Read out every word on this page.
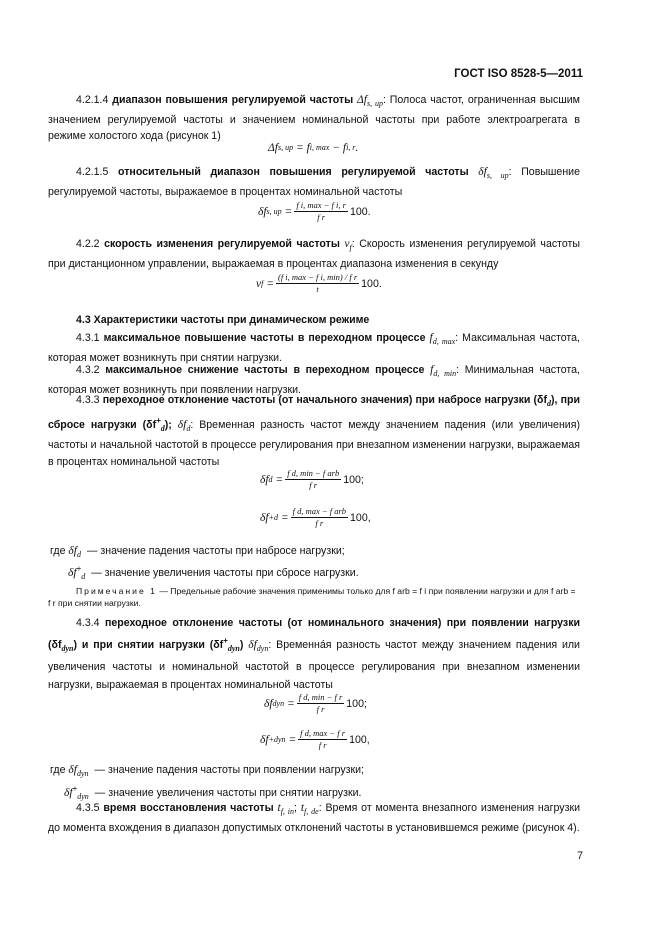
ГОСТ ISO 8528-5—2011
4.2.1.4 диапазон повышения регулируемой частоты $\Delta f_{s, up}$: Полоса частот, ограниченная высшим значением регулируемой частоты и значением номинальной частоты при работе электроагрегата в режиме холостого хода (рисунок 1)
Δf s, up
=
f i, max
−
f i, r .
4.2.1.5 относительный диапазон повышения регулируемой частоты $\delta f_{s, up}$: Повышение регулируемой частоты, выражаемое в процентах номинальной частоты
δf s, up
= $\frac{\text{f i, max − f i, r}}{\text{f r}} 100$.
4.2.2 скорость изменения регулируемой частоты $v_f$: Скорость изменения регулируемой частоты при дистанционном управлении, выражаемая в процентах диапазона изменения в секунду
v f
= $\frac{\text{(f i, max − f i, min) / f r}}{t} 100$.
4.3 Характеристики частоты при динамическом режиме
4.3.1 максимальное повышение частоты в переходном процессе $f_{d, max}$: Максимальная частота, которая может возникнуть при снятии нагрузки.
4.3.2 максимальное снижение частоты в переходном процессе $f_{d, min}$: Минимальная частота, которая может возникнуть при появлении нагрузки.
4.3.3 переходное отклонение частоты (от начального значения) при набросе нагрузки $(\delta f_d)$, при сбросе нагрузки $(\delta f^+_d)$; $\delta f_d$: Временная разность частот между значением падения (или увеличения) частоты и начальной частотой в процессе регулирования при внезапном изменении нагрузки, выражаемая в процентах номинальной частоты
δf d
= $\frac{\text{f d, min − f arb}}{\text{f r}} 100$;
δf + d
= $\frac{\text{f d, max − f arb}}{\text{f r}} 100$,
где $\delta f_d$ — значение падения частоты при набросе нагрузки;
$\delta f^+_d$ — значение увеличения частоты при сбросе нагрузки.
Примечание 1 — Предельные рабочие значения применимы только для f arb = f i при появлении нагрузки и для f arb = f r при снятии нагрузки.
4.3.4 переходное отклонение частоты (от номинального значения) при появлении нагрузки $(\delta f_{dyn})$ и при снятии нагрузки $(\delta f^+_{dyn})$ $\delta f_{dyn}$: Временна́я разность частот между значением падения или увеличения частоты и номинальной частотой в процессе регулирования при внезапном изменении нагрузки, выражаемая в процентах номинальной частоты
δf dyn
= $\frac{\text{f d, min − f r}}{\text{f r}} 100$;
δf + dyn
= $\frac{\text{f d, max − f r}}{\text{f r}} 100$,
где $\delta f_{dyn}$ — значение падения частоты при появлении нагрузки;
$\delta f^+_{dyn}$ — значение увеличения частоты при снятии нагрузки.
4.3.5 время восстановления частоты $t_{f, in}$; $t_{f, de}$: Время от момента внезапного изменения нагрузки до момента вхождения в диапазон допустимых отклонений частоты в установившемся режиме (рисунок 4).
7
